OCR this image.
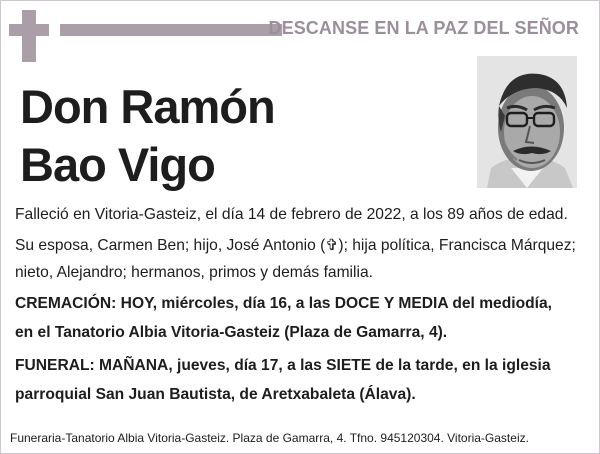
DESCANSE EN LA PAZ DEL SEÑOR
Don Ramón
Bao Vigo

Falleció en Vitoria-Gasteiz, el día 14 de febrero de 2022, a los 89 años de edad.

Su esposa, Carmen Ben; hijo, José Antonio (✞); hija política, Francisca Márquez;

nieto, Alejandro; hermanos, primos y demás familia.

CREMACIÓN: HOY, miércoles, día 16, a las DOCE Y MEDIA del mediodía,

en el Tanatorio Albia Vitoria-Gasteiz (Plaza de Gamarra, 4).

FUNERAL: MAÑANA, jueves, día 17, a las SIETE de la tarde, en la iglesia

parroquial San Juan Bautista, de Aretxabaleta (Álava).

Funeraria-Tanatorio Albia Vitoria-Gasteiz. Plaza de Gamarra, 4. Tfno. 945120304. Vitoria-Gasteiz.
